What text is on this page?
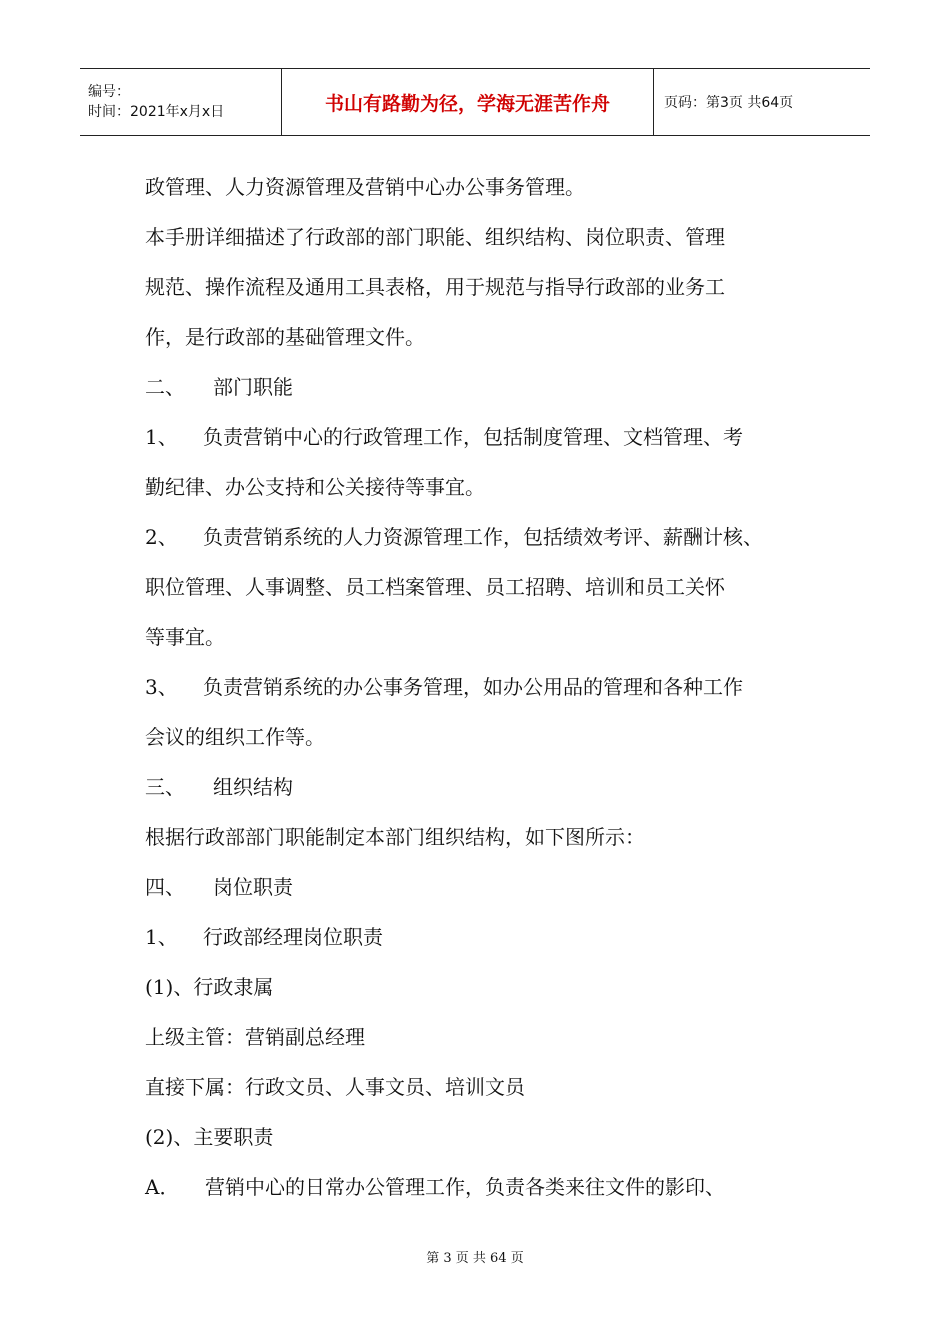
编号：
时间：2021年x月x日	书山有路勤为径，学海无涯苦作舟	页码：第3页 共64页
政管理、人力资源管理及营销中心办公事务管理。
本手册详细描述了行政部的部门职能、组织结构、岗位职责、管理
规范、操作流程及通用工具表格，用于规范与指导行政部的业务工
作，是行政部的基础管理文件。
二、 部门职能
1、 负责营销中心的行政管理工作，包括制度管理、文档管理、考
勤纪律、办公支持和公关接待等事宜。
2、 负责营销系统的人力资源管理工作，包括绩效考评、薪酬计核、
职位管理、人事调整、员工档案管理、员工招聘、培训和员工关怀
等事宜。
3、 负责营销系统的办公事务管理，如办公用品的管理和各种工作
会议的组织工作等。
三、 组织结构
根据行政部部门职能制定本部门组织结构，如下图所示：
四、 岗位职责
1、 行政部经理岗位职责
(1)、行政隶属
上级主管：营销副总经理
直接下属：行政文员、人事文员、培训文员
(2)、主要职责
A． 营销中心的日常办公管理工作，负责各类来往文件的影印、
第 3 页 共 64 页
